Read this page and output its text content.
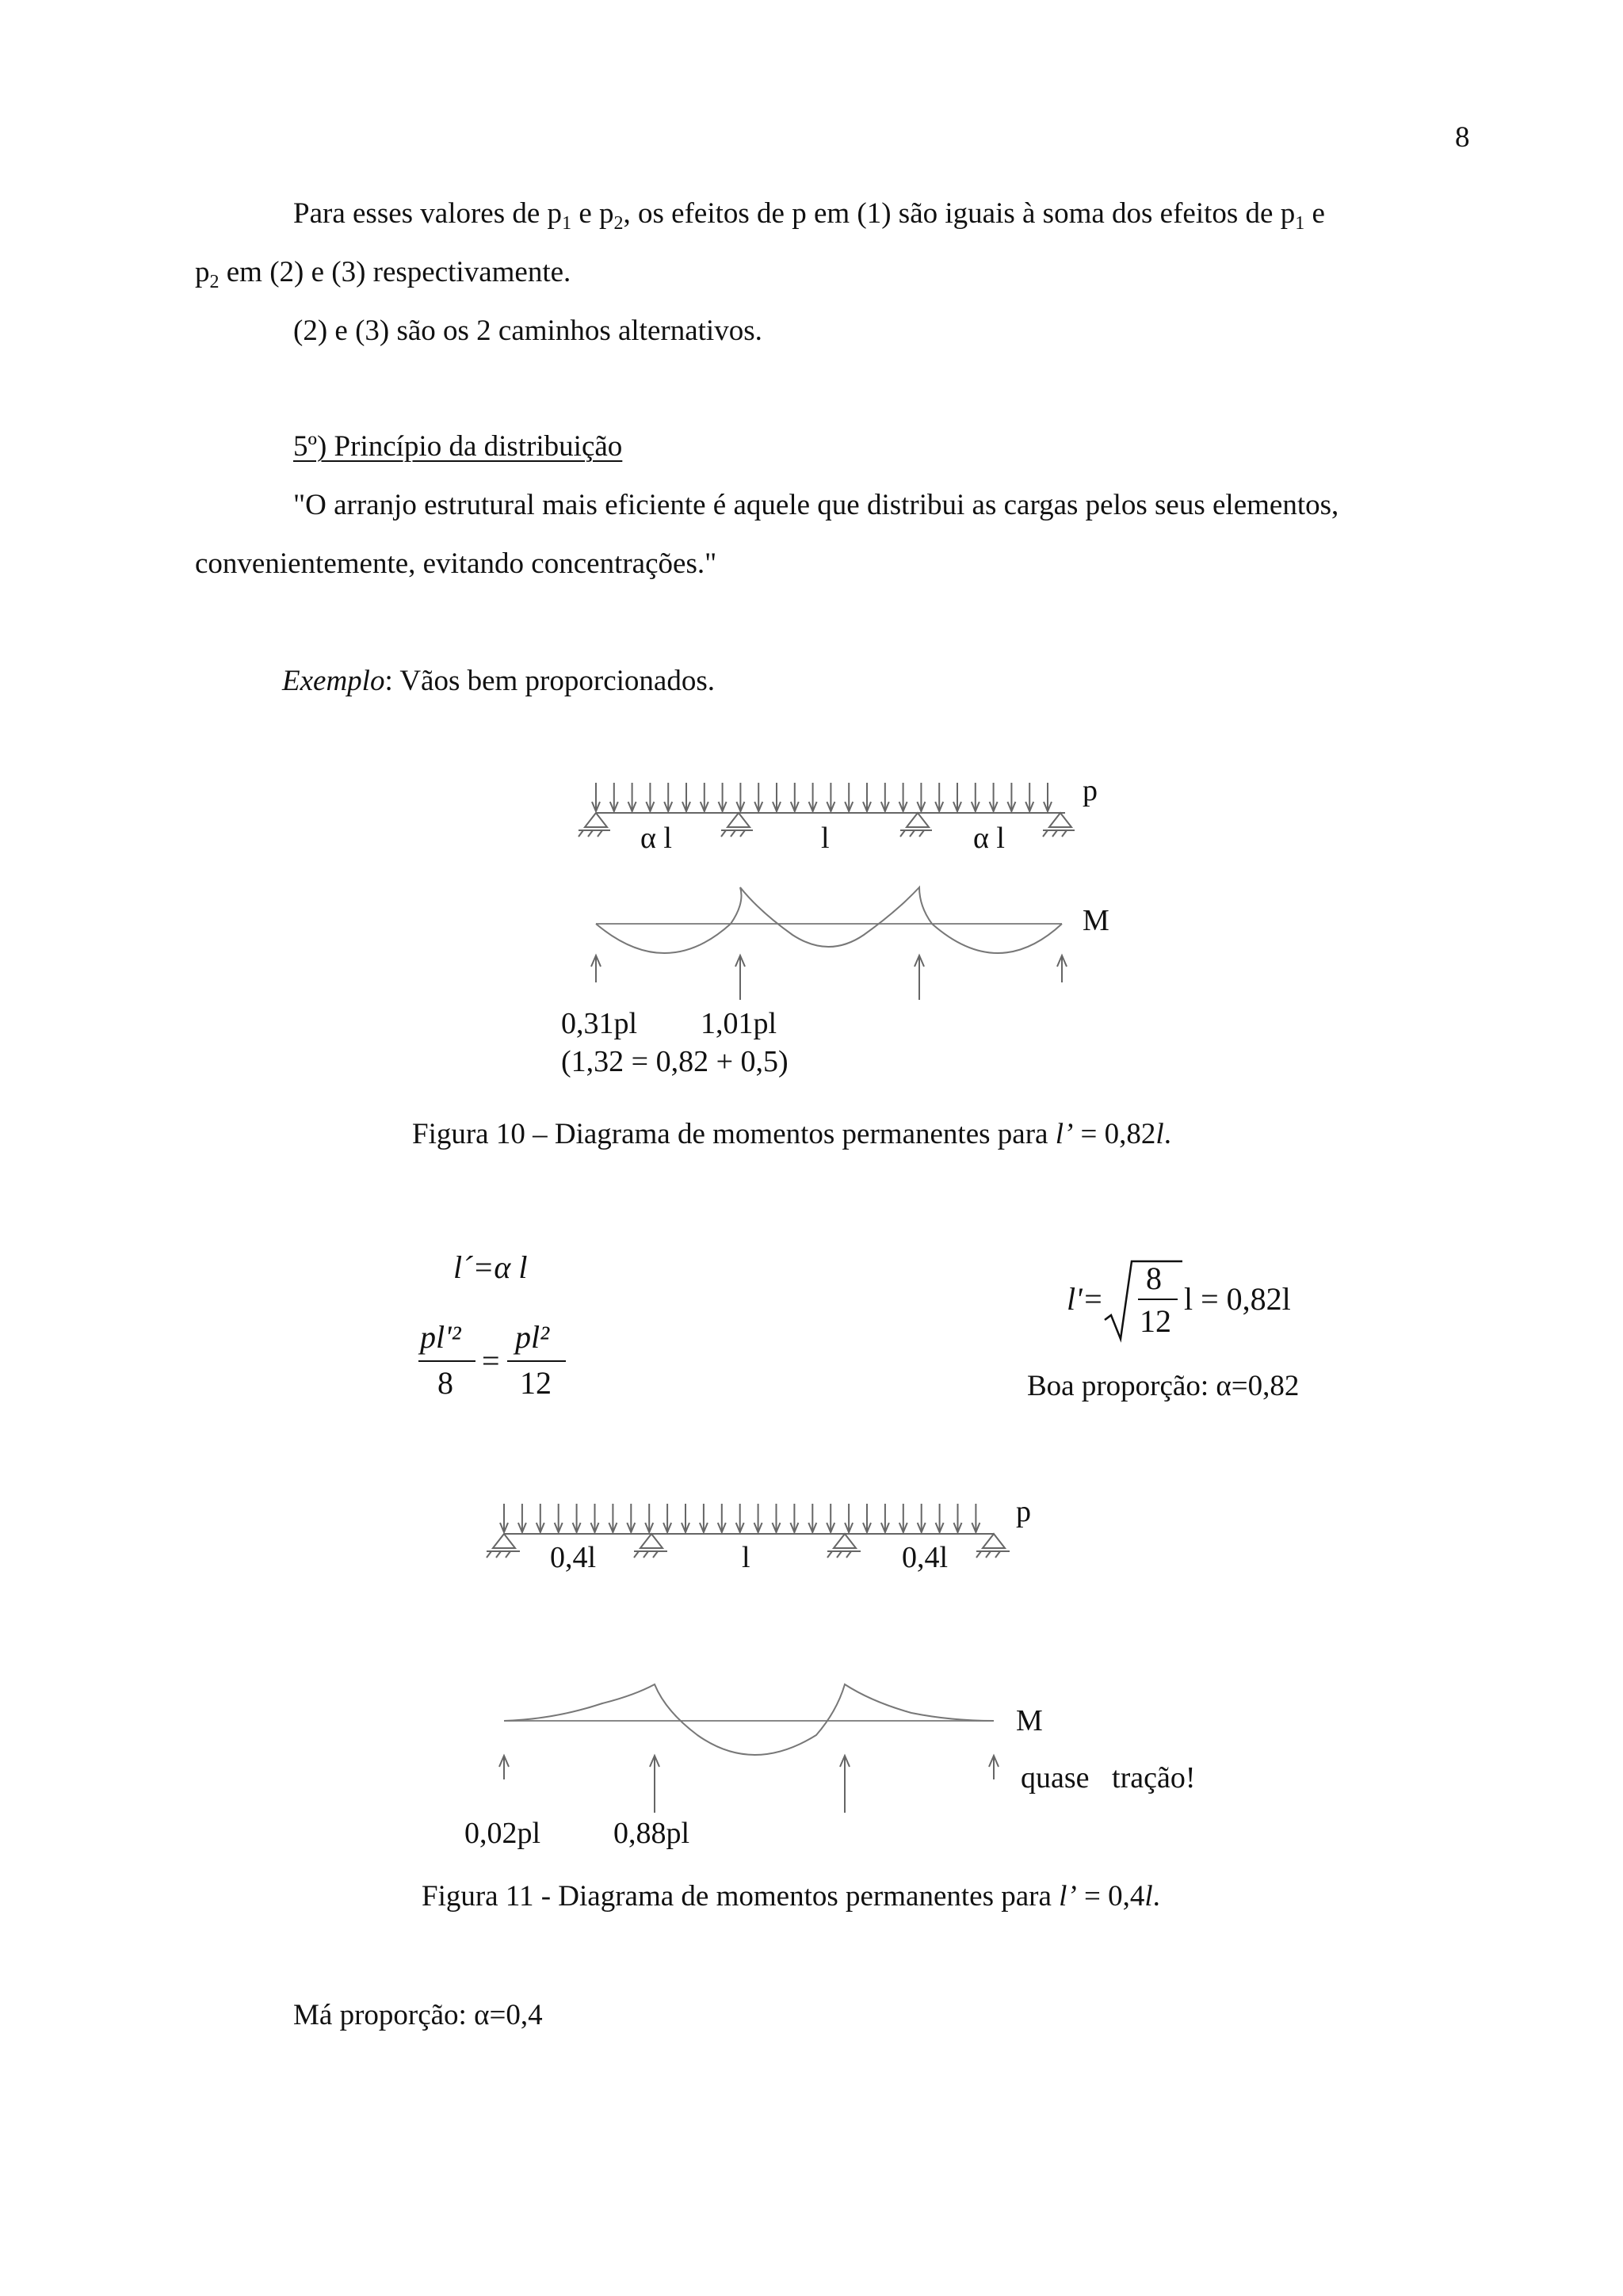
8
Para esses valores de $p_1$ e $p_2$, os efeitos de p em (1) são iguais à soma dos efeitos de $p_1$ e
$p_2$ em (2) e (3) respectivamente.
(2) e (3) são os 2 caminhos alternativos.
5º) Princípio da distribuição
"O arranjo estrutural mais eficiente é aquele que distribui as cargas pelos seus elementos,
convenientemente, evitando concentrações."
Exemplo: Vãos bem proporcionados.
p
α l	l	α l
M
0,31pl 1,01pl
(1,32 = 0,82 + 0,5)
Figura 10 – Diagrama de momentos permanentes para l’ = 0,82l.
l´=α l
pl'²
8
=
pl²
12
l'=
8
12
l = 0,82l
Boa proporção: α=0,82
p
0,4l	l	0,4l
M
quase   tração!
0,02pl 0,88pl
Figura 11 - Diagrama de momentos permanentes para l’ = 0,4l.
Má proporção: α=0,4
